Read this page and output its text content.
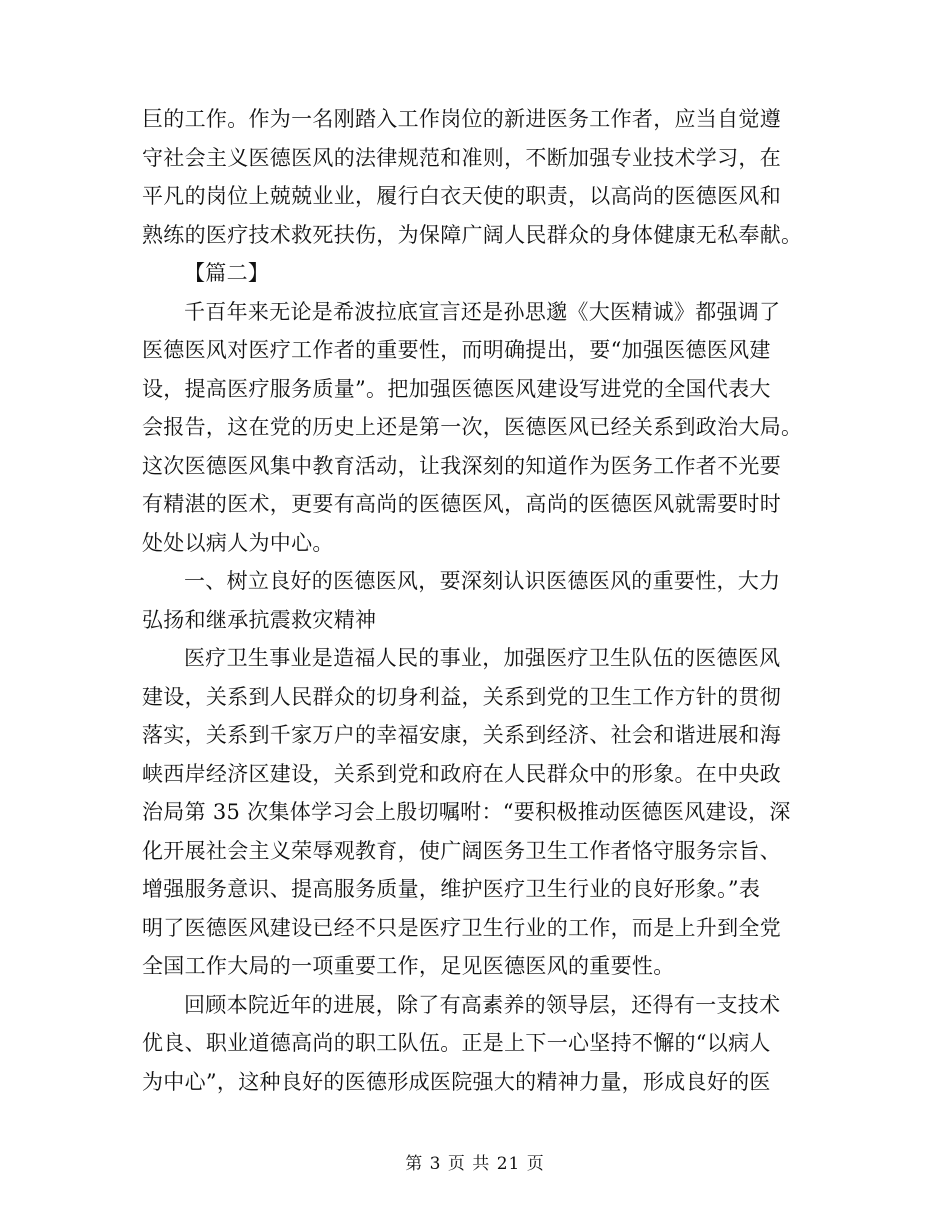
巨的工作。作为一名刚踏入工作岗位的新进医务工作者，应当自觉遵
守社会主义医德医风的法律规范和准则，不断加强专业技术学习，在
平凡的岗位上兢兢业业，履行白衣天使的职责，以高尚的医德医风和
熟练的医疗技术救死扶伤，为保障广阔人民群众的身体健康无私奉献。
【篇二】
千百年来无论是希波拉底宣言还是孙思邈《大医精诚》都强调了
医德医风对医疗工作者的重要性，而明确提出，要“加强医德医风建
设，提高医疗服务质量”。把加强医德医风建设写进党的全国代表大
会报告，这在党的历史上还是第一次，医德医风已经关系到政治大局。
这次医德医风集中教育活动，让我深刻的知道作为医务工作者不光要
有精湛的医术，更要有高尚的医德医风，高尚的医德医风就需要时时
处处以病人为中心。
一、树立良好的医德医风，要深刻认识医德医风的重要性，大力
弘扬和继承抗震救灾精神
医疗卫生事业是造福人民的事业，加强医疗卫生队伍的医德医风
建设，关系到人民群众的切身利益，关系到党的卫生工作方针的贯彻
落实，关系到千家万户的幸福安康，关系到经济、社会和谐进展和海
峡西岸经济区建设，关系到党和政府在人民群众中的形象。在中央政
治局第 35 次集体学习会上殷切嘱咐：“要积极推动医德医风建设，深
化开展社会主义荣辱观教育，使广阔医务卫生工作者恪守服务宗旨、
增强服务意识、提高服务质量，维护医疗卫生行业的良好形象。”表
明了医德医风建设已经不只是医疗卫生行业的工作，而是上升到全党
全国工作大局的一项重要工作，足见医德医风的重要性。
回顾本院近年的进展，除了有高素养的领导层，还得有一支技术
优良、职业道德高尚的职工队伍。正是上下一心坚持不懈的“以病人
为中心”，这种良好的医德形成医院强大的精神力量，形成良好的医
第 3 页 共 21 页
